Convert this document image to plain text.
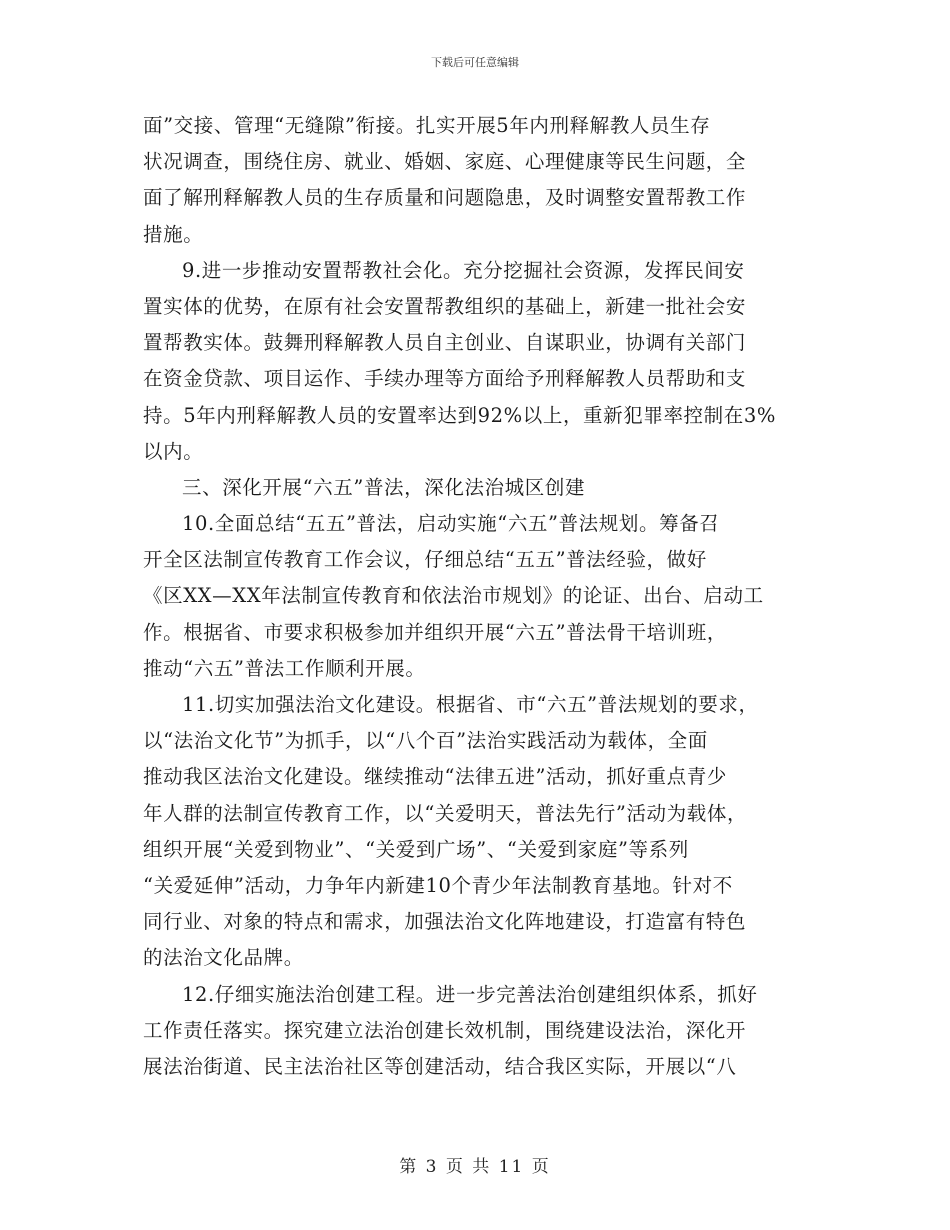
下载后可任意编辑
面”交接、管理“无缝隙”衔接。扎实开展5年内刑释解教人员生存
状况调查，围绕住房、就业、婚姻、家庭、心理健康等民生问题，全
面了解刑释解教人员的生存质量和问题隐患，及时调整安置帮教工作
措施。
9.进一步推动安置帮教社会化。充分挖掘社会资源，发挥民间安
置实体的优势，在原有社会安置帮教组织的基础上，新建一批社会安
置帮教实体。鼓舞刑释解教人员自主创业、自谋职业，协调有关部门
在资金贷款、项目运作、手续办理等方面给予刑释解教人员帮助和支
持。5年内刑释解教人员的安置率达到92%以上，重新犯罪率控制在3%
以内。
三、深化开展“六五”普法，深化法治城区创建
10.全面总结“五五”普法，启动实施“六五”普法规划。筹备召
开全区法制宣传教育工作会议，仔细总结“五五”普法经验，做好
《区XX—XX年法制宣传教育和依法治市规划》的论证、出台、启动工
作。根据省、市要求积极参加并组织开展“六五”普法骨干培训班，
推动“六五”普法工作顺利开展。
11.切实加强法治文化建设。根据省、市“六五”普法规划的要求，
以“法治文化节”为抓手，以“八个百”法治实践活动为载体，全面
推动我区法治文化建设。继续推动“法律五进”活动，抓好重点青少
年人群的法制宣传教育工作，以“关爱明天，普法先行”活动为载体，
组织开展“关爱到物业”、“关爱到广场”、“关爱到家庭”等系列
“关爱延伸”活动，力争年内新建10个青少年法制教育基地。针对不
同行业、对象的特点和需求，加强法治文化阵地建设，打造富有特色
的法治文化品牌。
12.仔细实施法治创建工程。进一步完善法治创建组织体系，抓好
工作责任落实。探究建立法治创建长效机制，围绕建设法治，深化开
展法治街道、民主法治社区等创建活动，结合我区实际，开展以“八
第 3 页 共 11 页
